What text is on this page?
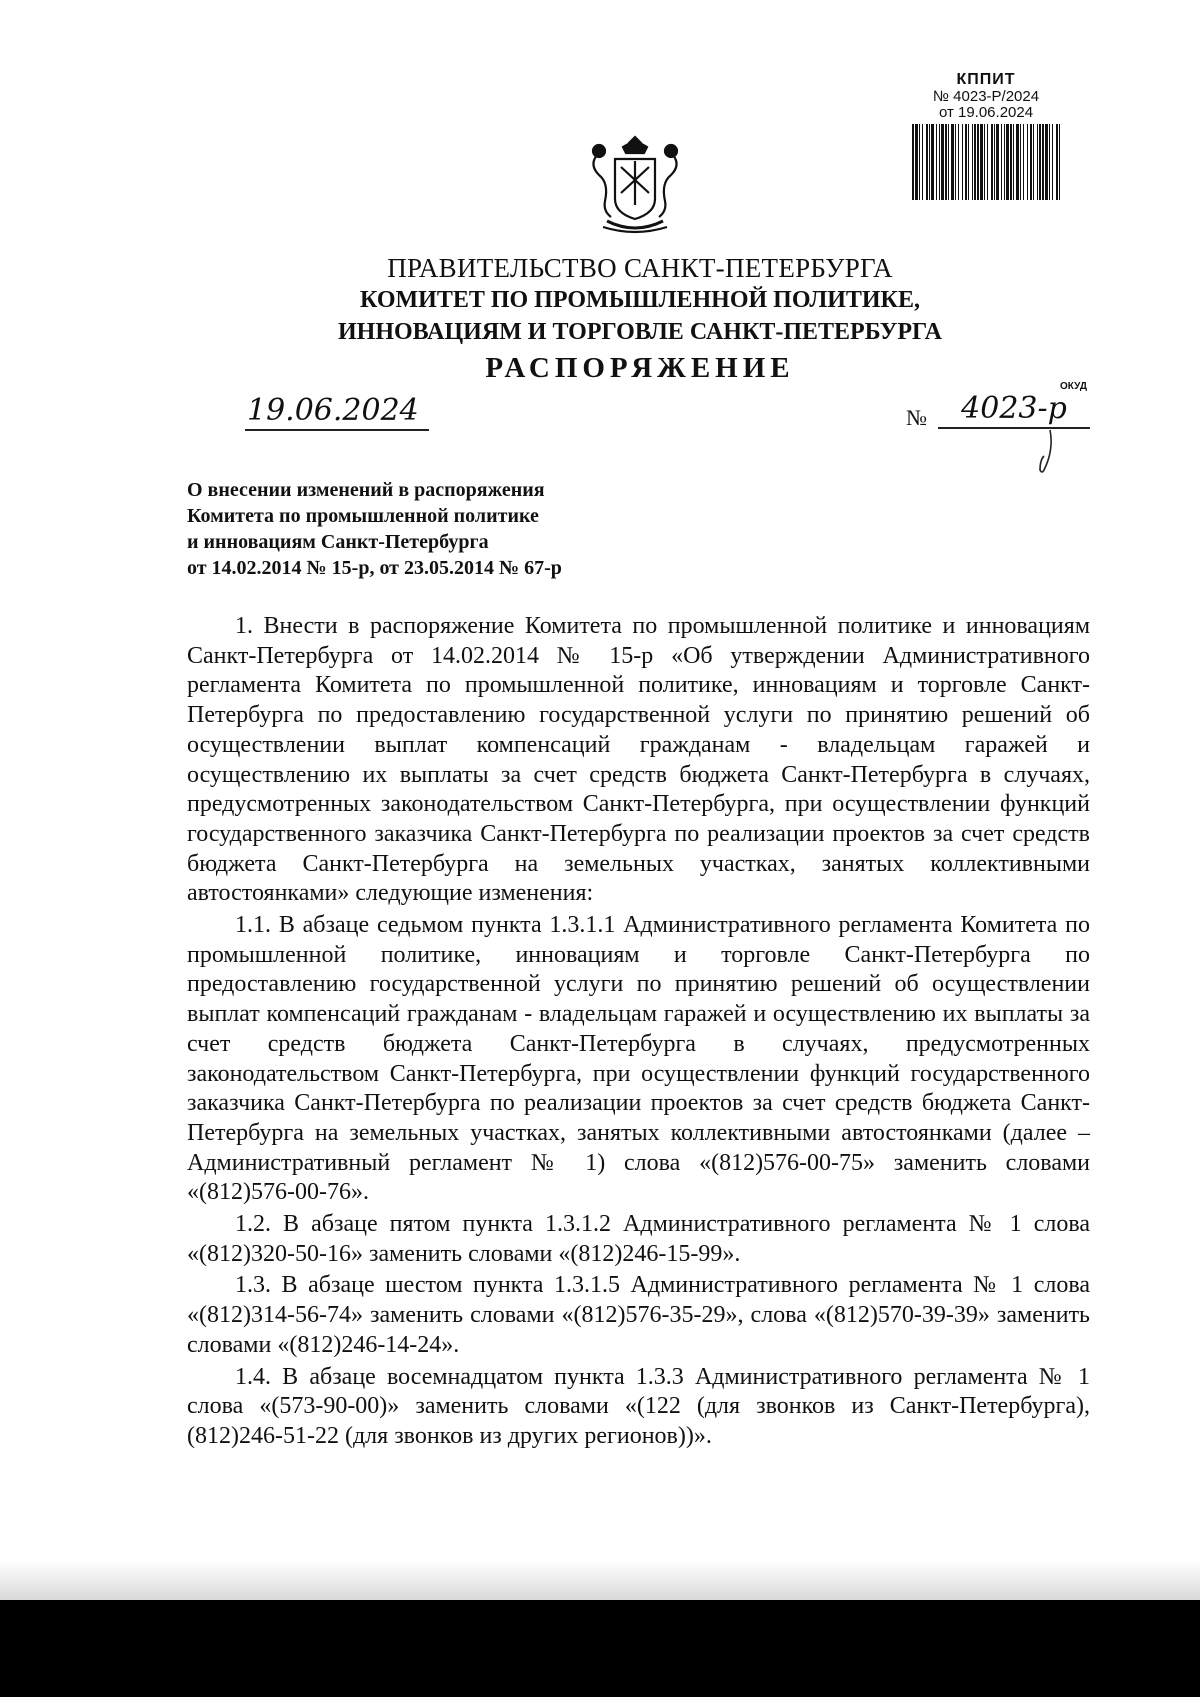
КППИТ
№ 4023-Р/2024
от 19.06.2024
ПРАВИТЕЛЬСТВО САНКТ-ПЕТЕРБУРГА
КОМИТЕТ ПО ПРОМЫШЛЕННОЙ ПОЛИТИКЕ,
ИННОВАЦИЯМ И ТОРГОВЛЕ САНКТ-ПЕТЕРБУРГА
РАСПОРЯЖЕНИЕ
ОКУД
19.06.2024	№	4023-р
О внесении изменений в распоряжения
Комитета по промышленной политике
и инновациям Санкт-Петербурга
от 14.02.2014 № 15-р, от 23.05.2014 № 67-р

1. Внести в распоряжение Комитета по промышленной политике и инновациям Санкт-Петербурга от 14.02.2014 № 15-р «Об утверждении Административного регламента Комитета по промышленной политике, инновациям и торговле Санкт-Петербурга по предоставлению государственной услуги по принятию решений об осуществлении выплат компенсаций гражданам - владельцам гаражей и осуществлению их выплаты за счет средств бюджета Санкт-Петербурга в случаях, предусмотренных законодательством Санкт-Петербурга, при осуществлении функций государственного заказчика Санкт-Петербурга по реализации проектов за счет средств бюджета Санкт-Петербурга на земельных участках, занятых коллективными автостоянками» следующие изменения:

1.1. В абзаце седьмом пункта 1.3.1.1 Административного регламента Комитета по промышленной политике, инновациям и торговле Санкт-Петербурга по предоставлению государственной услуги по принятию решений об осуществлении выплат компенсаций гражданам - владельцам гаражей и осуществлению их выплаты за счет средств бюджета Санкт-Петербурга в случаях, предусмотренных законодательством Санкт-Петербурга, при осуществлении функций государственного заказчика Санкт-Петербурга по реализации проектов за счет средств бюджета Санкт-Петербурга на земельных участках, занятых коллективными автостоянками (далее – Административный регламент № 1) слова «(812)576-00-75» заменить словами «(812)576-00-76».

1.2. В абзаце пятом пункта 1.3.1.2 Административного регламента № 1 слова «(812)320-50-16» заменить словами «(812)246-15-99».

1.3. В абзаце шестом пункта 1.3.1.5 Административного регламента № 1 слова «(812)314-56-74» заменить словами «(812)576-35-29», слова «(812)570-39-39» заменить словами «(812)246-14-24».

1.4. В абзаце восемнадцатом пункта 1.3.3 Административного регламента № 1 слова «(573-90-00)» заменить словами «(122 (для звонков из Санкт-Петербурга), (812)246-51-22 (для звонков из других регионов))».
